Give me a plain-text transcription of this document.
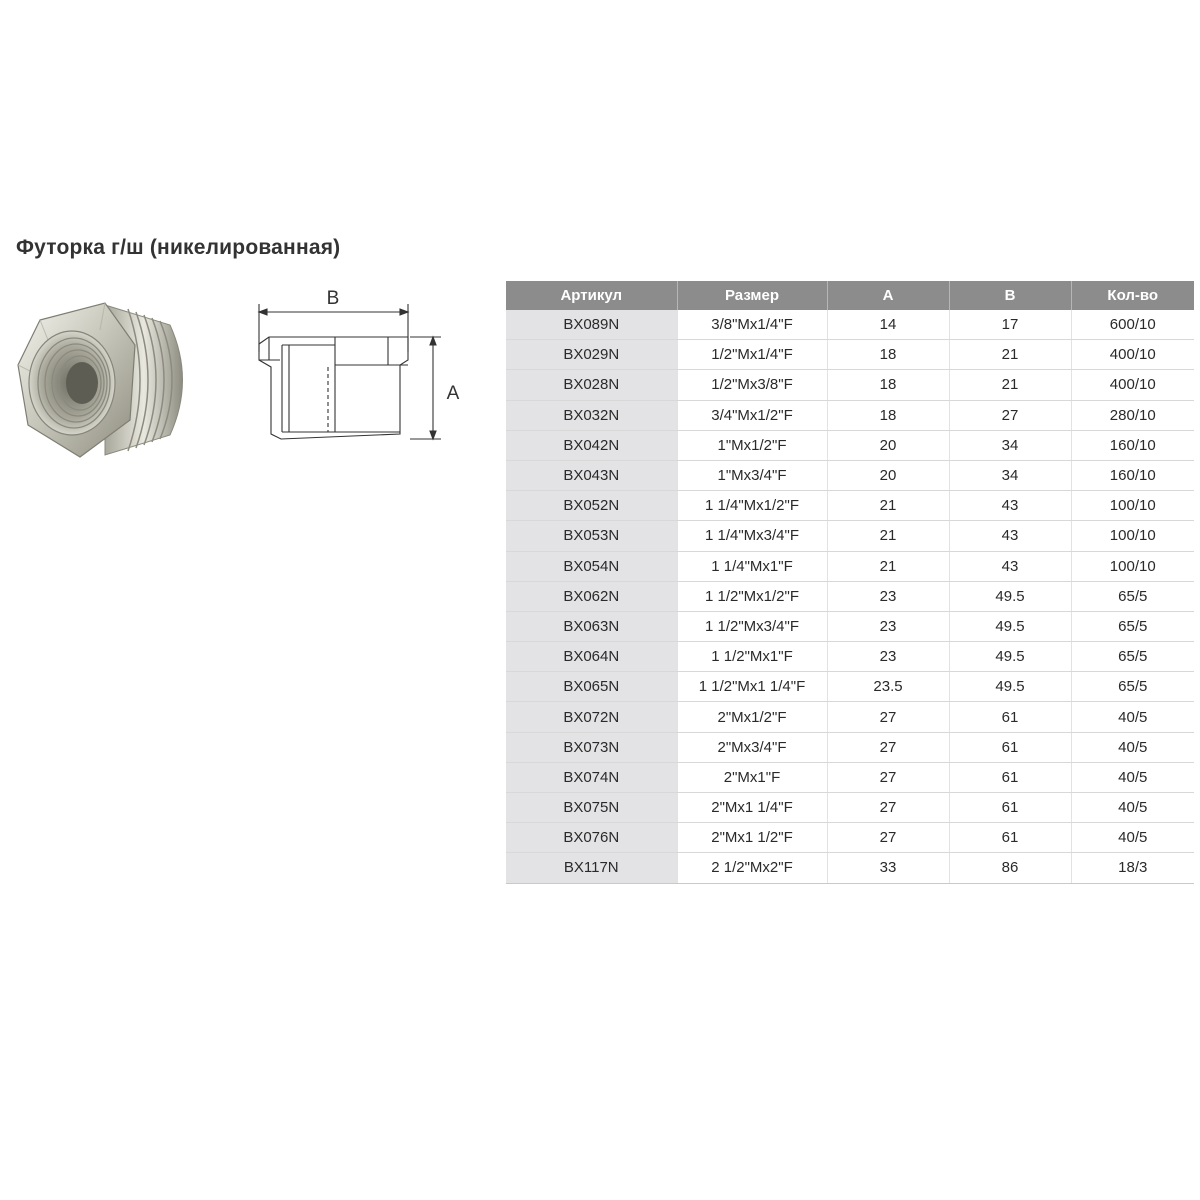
Футорка г/ш (никелированная)
B
A
Артикул	Размер	A	B	Кол-во
BX089N	3/8"Mx1/4"F	14	17	600/10
BX029N	1/2"Mx1/4"F	18	21	400/10
BX028N	1/2"Mx3/8"F	18	21	400/10
BX032N	3/4"Mx1/2"F	18	27	280/10
BX042N	1"Mx1/2"F	20	34	160/10
BX043N	1"Mx3/4"F	20	34	160/10
BX052N	1 1/4"Mx1/2"F	21	43	100/10
BX053N	1 1/4"Mx3/4"F	21	43	100/10
BX054N	1 1/4"Mx1"F	21	43	100/10
BX062N	1 1/2"Mx1/2"F	23	49.5	65/5
BX063N	1 1/2"Mx3/4"F	23	49.5	65/5
BX064N	1 1/2"Mx1"F	23	49.5	65/5
BX065N	1 1/2"Mx1 1/4"F	23.5	49.5	65/5
BX072N	2"Mx1/2"F	27	61	40/5
BX073N	2"Mx3/4"F	27	61	40/5
BX074N	2"Mx1"F	27	61	40/5
BX075N	2"Mx1 1/4"F	27	61	40/5
BX076N	2"Mx1 1/2"F	27	61	40/5
BX117N	2 1/2"Mx2"F	33	86	18/3
